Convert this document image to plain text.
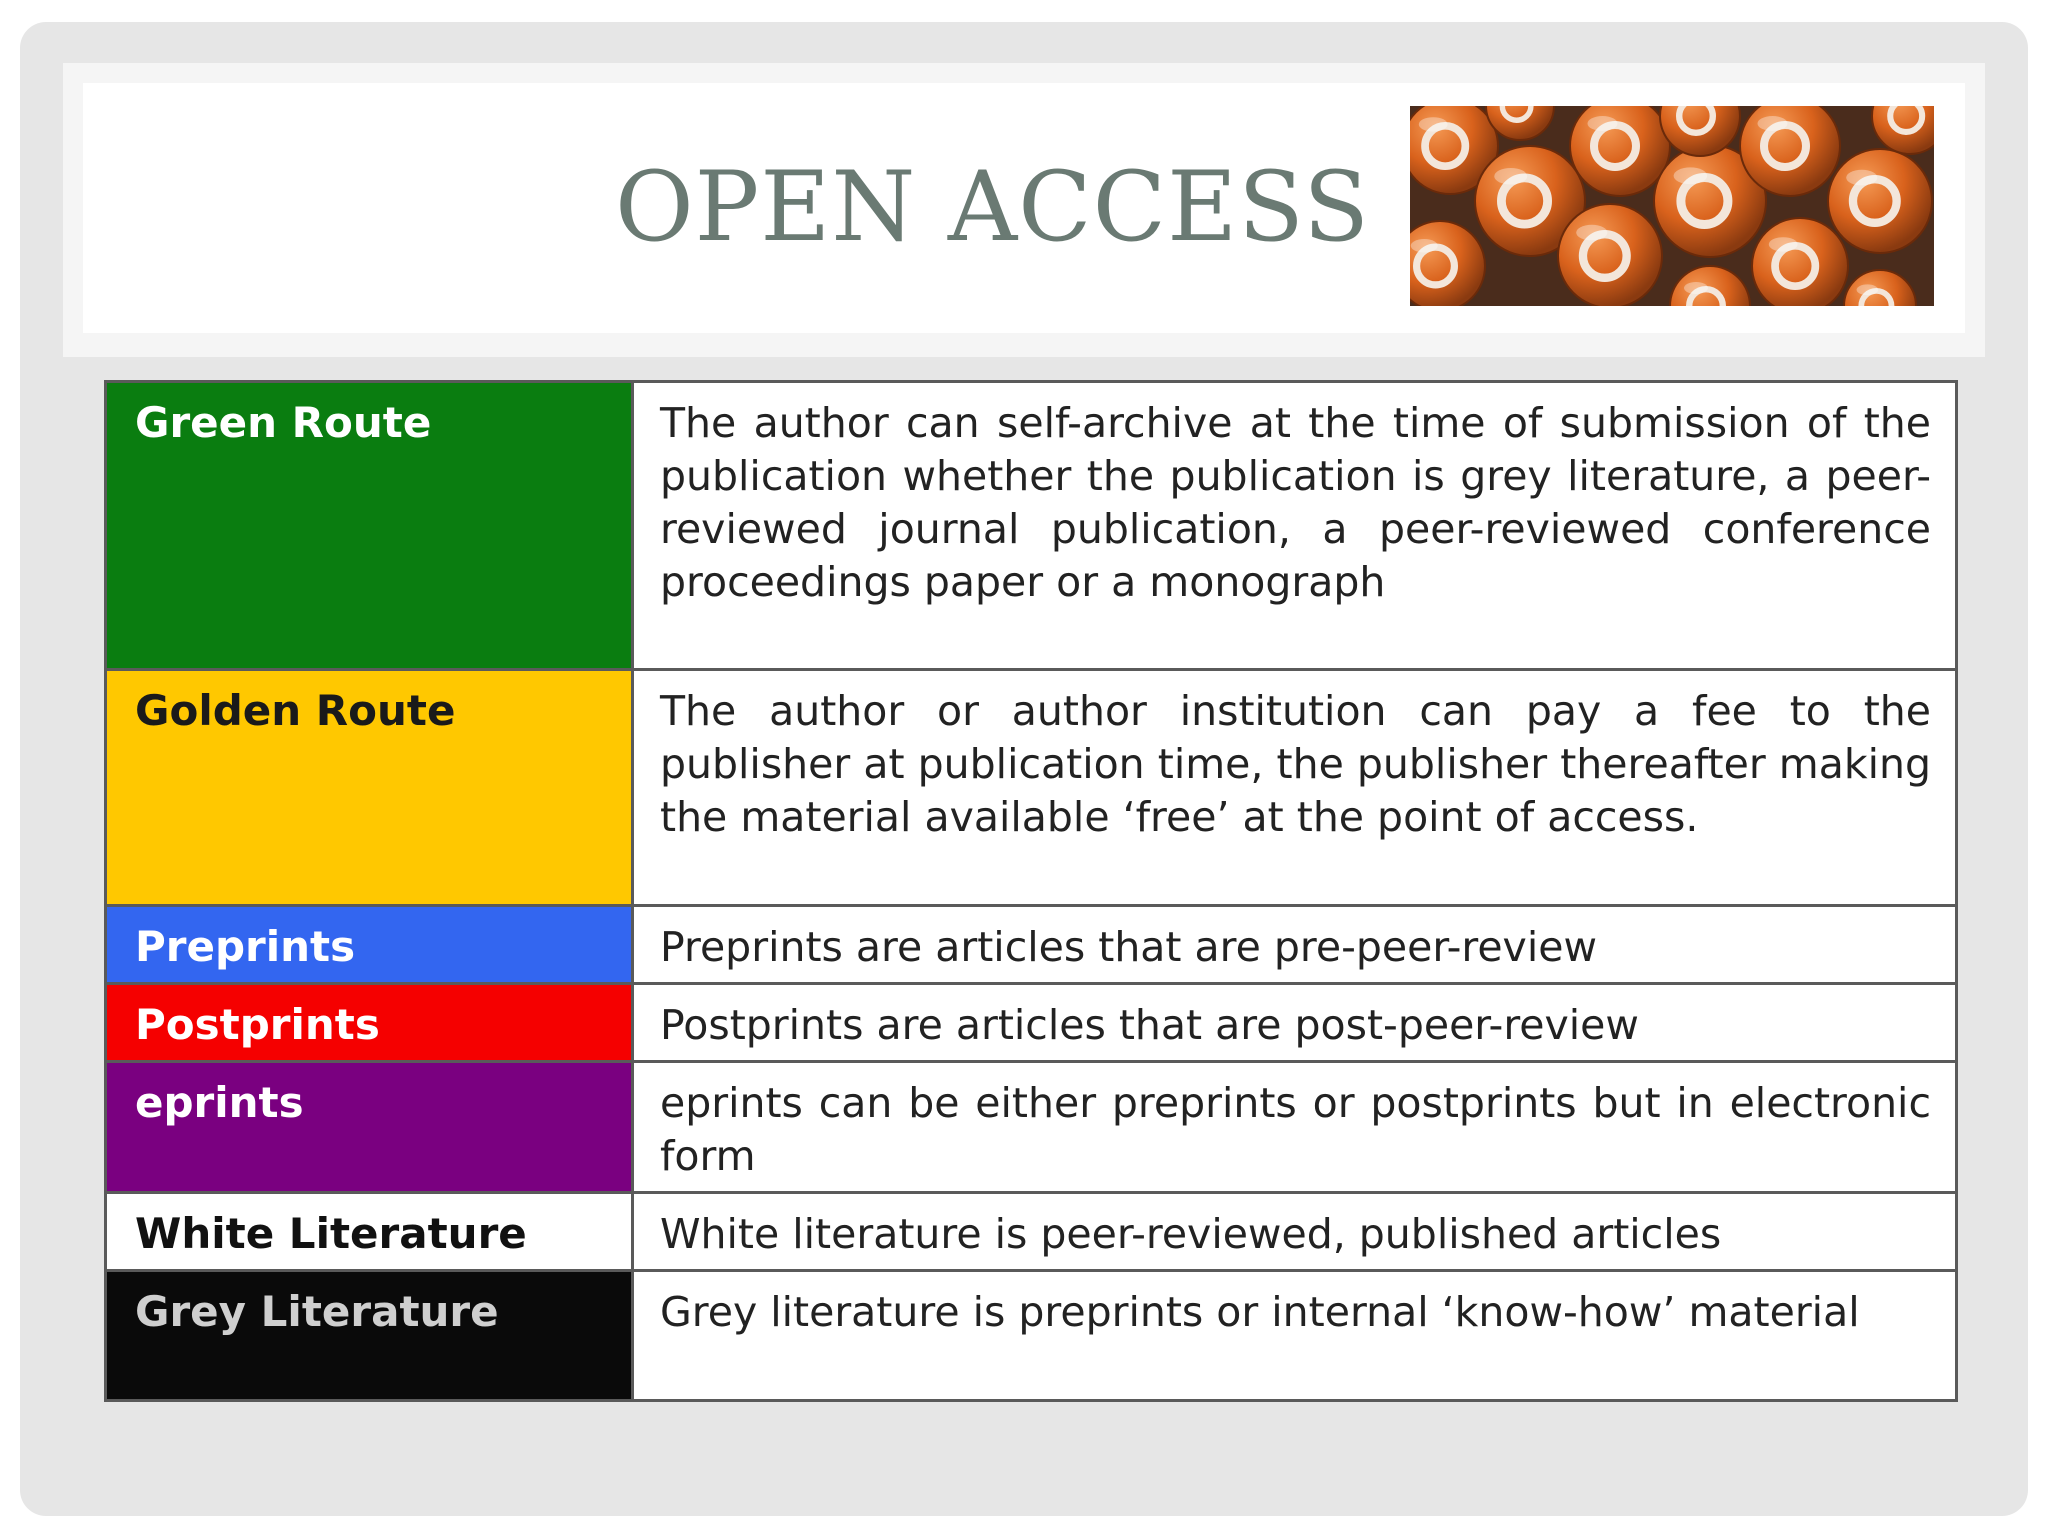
OPEN ACCESS
Green Route	The author can self-archive at the time of submission of the publication whether the publication is grey literature, a peer-reviewed journal publication, a peer-reviewed conference proceedings paper or a monograph
Golden Route	The author or author institution can pay a fee to the publisher at publication time, the publisher thereafter making the material available ‘free’ at the point of access.
Preprints	Preprints are articles that are pre-peer-review
Postprints	Postprints are articles that are post-peer-review
eprints	eprints can be either preprints or postprints but in electronic form
White Literature	White literature is peer-reviewed, published articles
Grey Literature	Grey literature is preprints or internal ‘know-how’ material
